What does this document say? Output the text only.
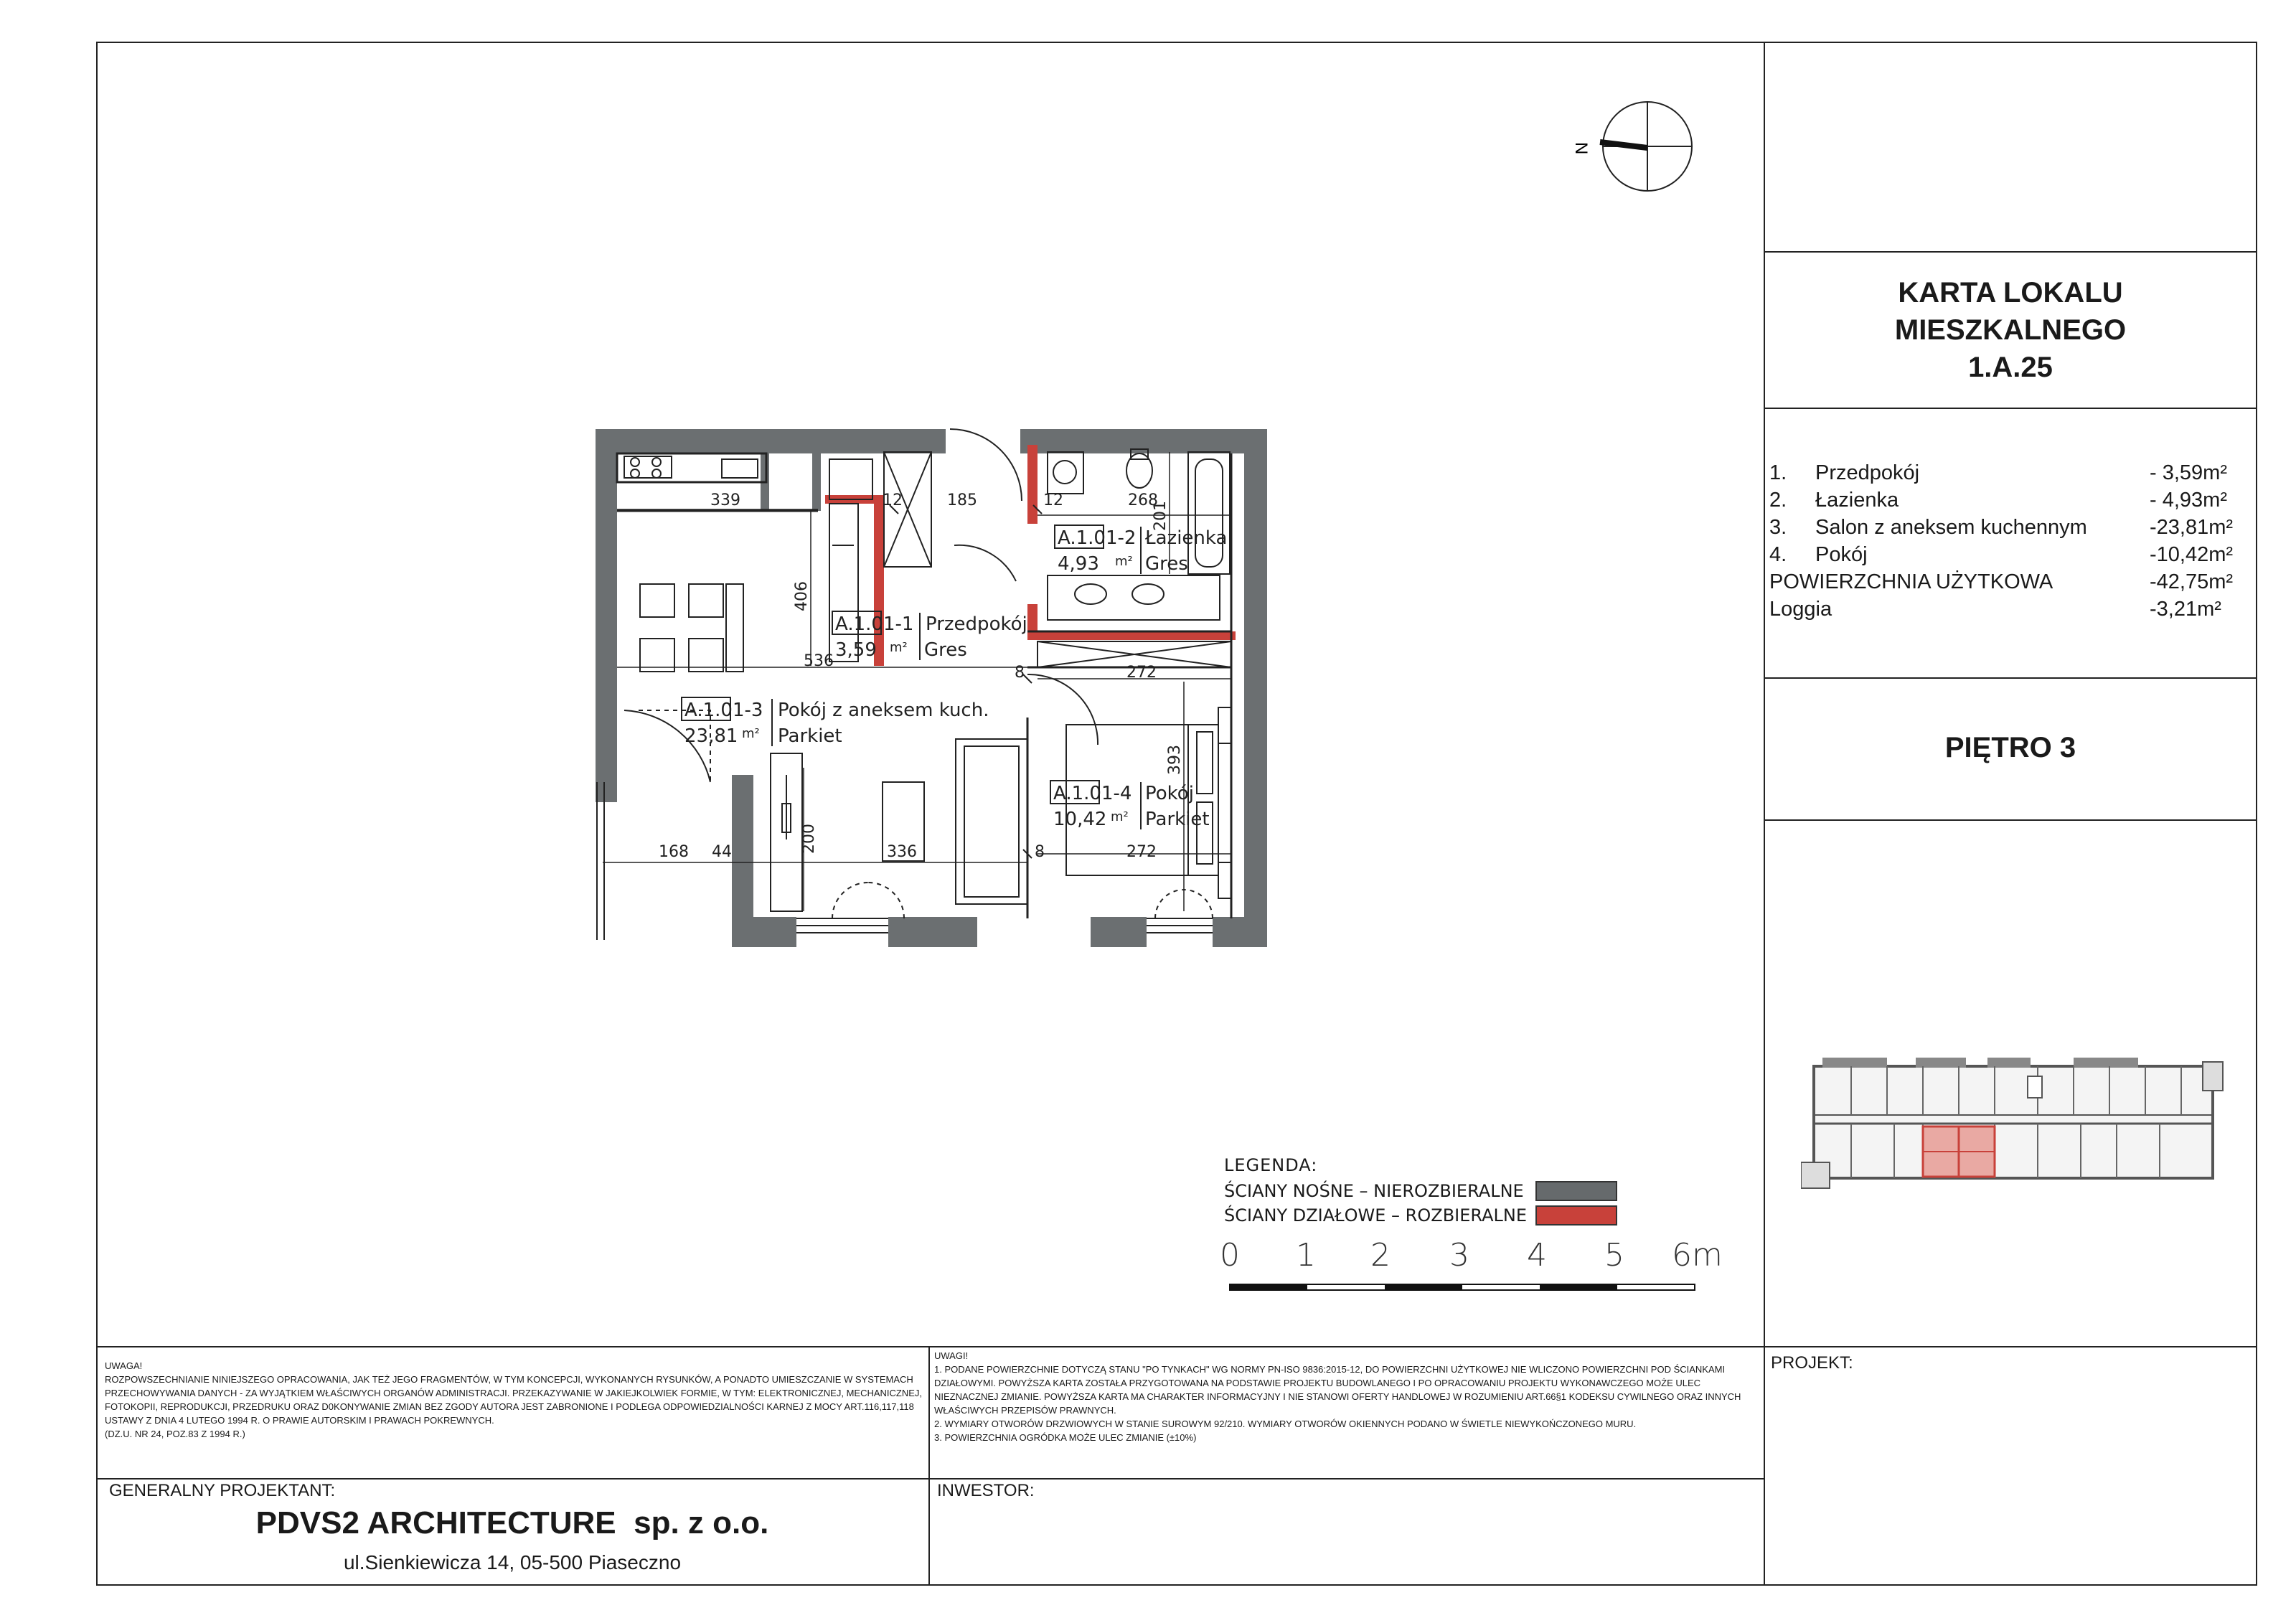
N
KARTA LOKALU
MIESZKALNEGO
1.A.25
1.	Przedpokój	- 3,59m²
2.	Łazienka	- 4,93m²
3.	Salon z aneksem kuchennym	-23,81m²
4.	Pokój	-10,42m²
POWIERZCHNIA UŻYTKOWA	-42,75m²
Loggia	-3,21m²
PIĘTRO 3
339	12	185	12	268
201
406
536
8	272
393
168 44	200	336	8	272
A.1.01-1 Przedpokój
3,59 m² Gres
A.1.01-2 Łazienka
4,93 m² Gres
A.1.01-3 Pokój z aneksem kuch.
23,81 m² Parkiet
A.1.01-4 Pokój
10,42 m² Parkiet
LEGENDA:
ŚCIANY NOŚNE – NIEROZBIERALNE
ŚCIANY DZIAŁOWE – ROZBIERALNE
0 1 2 3 4 5 6m
UWAGA!
ROZPOWSZECHNIANIE NINIEJSZEGO OPRACOWANIA, JAK TEŻ JEGO FRAGMENTÓW, W TYM KONCEPCJI, WYKONANYCH RYSUNKÓW, A PONADTO UMIESZCZANIE W SYSTEMACH PRZECHOWYWANIA DANYCH - ZA WYJĄTKIEM WŁAŚCIWYCH ORGANÓW ADMINISTRACJI. PRZEKAZYWANIE W JAKIEJKOLWIEK FORMIE, W TYM: ELEKTRONICZNEJ, MECHANICZNEJ, FOTOKOPII, REPRODUKCJI, PRZEDRUKU ORAZ D0KONYWANIE ZMIAN BEZ ZGODY AUTORA JEST ZABRONIONE I PODLEGA ODPOWIEDZIALNOŚCI KARNEJ Z MOCY ART.116,117,118 USTAWY Z DNIA 4 LUTEGO 1994 R. O PRAWIE AUTORSKIM I PRAWACH POKREWNYCH.
(DZ.U. NR 24, POZ.83 Z 1994 R.)
UWAGI!
1. PODANE POWIERZCHNIE DOTYCZĄ STANU "PO TYNKACH" WG NORMY PN-ISO 9836:2015-12, DO POWIERZCHNI UŻYTKOWEJ NIE WLICZONO POWIERZCHNI POD ŚCIANKAMI DZIAŁOWYMI. POWYŻSZA KARTA ZOSTAŁA PRZYGOTOWANA NA PODSTAWIE PROJEKTU BUDOWLANEGO I PO OPRACOWANIU PROJEKTU WYKONAWCZEGO MOŻE ULEC NIEZNACZNEJ ZMIANIE. POWYŻSZA KARTA MA CHARAKTER INFORMACYJNY I NIE STANOWI OFERTY HANDLOWEJ W ROZUMIENIU ART.66§1 KODEKSU CYWILNEGO ORAZ INNYCH WŁAŚCIWYCH PRZEPISÓW PRAWNYCH.
2. WYMIARY OTWORÓW DRZWIOWYCH W STANIE SUROWYM 92/210. WYMIARY OTWORÓW OKIENNYCH PODANO W ŚWIETLE NIEWYKOŃCZONEGO MURU.
3. POWIERZCHNIA OGRÓDKA MOŻE ULEC ZMIANIE (±10%)
PROJEKT:
GENERALNY PROJEKTANT:
PDVS2 ARCHITECTURE  sp. z o.o.
ul.Sienkiewicza 14, 05-500 Piaseczno
INWESTOR:
